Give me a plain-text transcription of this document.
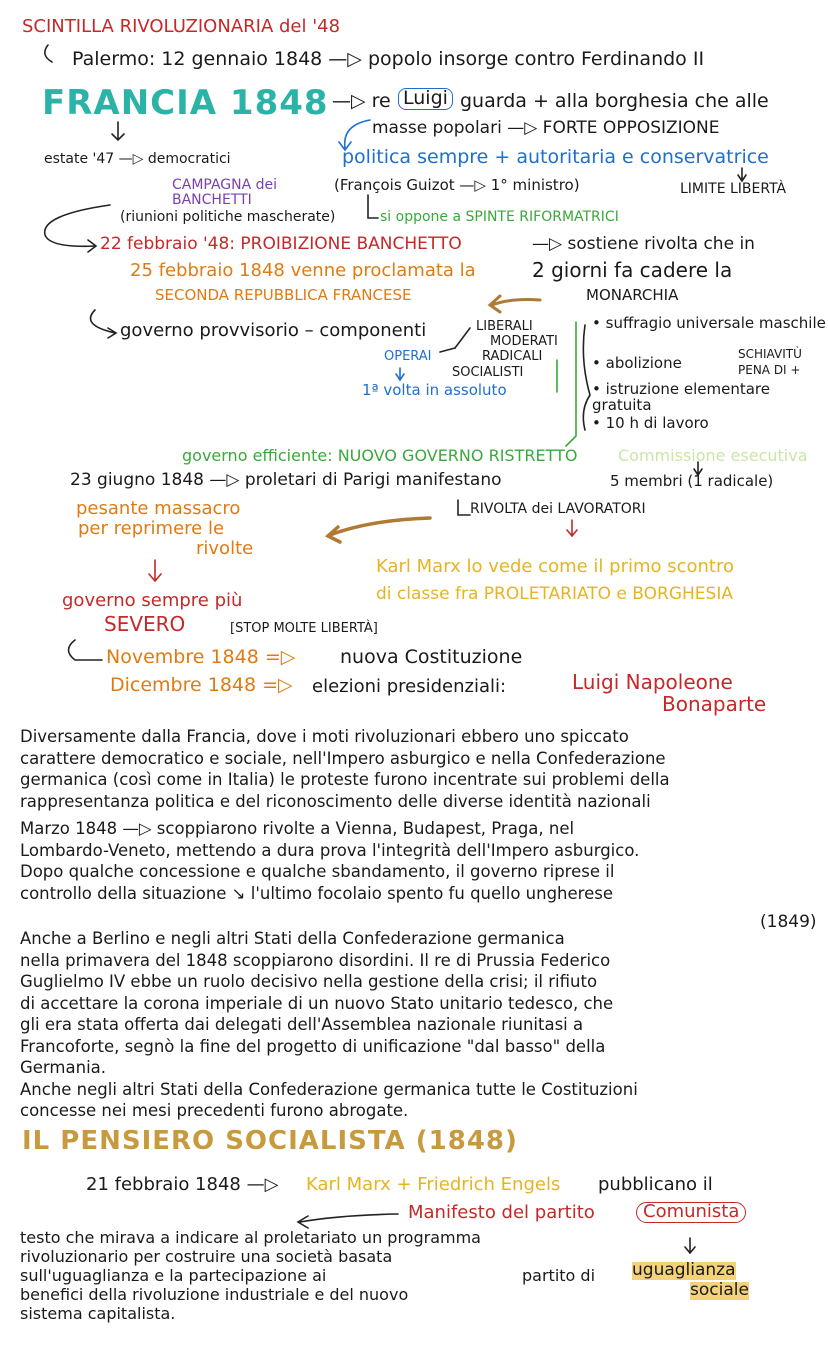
SCINTILLA RIVOLUZIONARIA del '48
Palermo: 12 gennaio 1848 —▷ popolo insorge contro Ferdinando II
FRANCIA 1848 —▷ re Luigi guarda + alla borghesia che alle
masse popolari —▷ FORTE OPPOSIZIONE
estate '47 —▷ democratici	politica sempre + autoritaria e conservatrice
(François Guizot —▷ 1° ministro)	LIMITE LIBERTÀ
CAMPAGNA dei BANCHETTI
(riunioni politiche mascherate)	si oppone a SPINTE RIFORMATRICI
22 febbraio '48: PROIBIZIONE BANCHETTO	—▷ sostiene rivolta che in
25 febbraio 1848 venne proclamata la	2 giorni fa cadere la
SECONDA REPUBBLICA FRANCESE	MONARCHIA
governo provvisorio – componenti	LIBERALI
MODERATI
RADICALI
SOCIALISTI
OPERAI
1ª volta in assoluto
• suffragio universale maschile
• abolizione	SCHIAVITÙ
PENA DI +
• istruzione elementare gratuita
• 10 h di lavoro
governo efficiente: NUOVO GOVERNO RISTRETTO	Commissione esecutiva
5 membri (1 radicale)
23 giugno 1848 —▷ proletari di Parigi manifestano
RIVOLTA dei LAVORATORI
pesante massacro
per reprimere le
rivolte
Karl Marx lo vede come il primo scontro
di classe fra PROLETARIATO e BORGHESIA
governo sempre più
SEVERO	[STOP MOLTE LIBERTÀ]
Novembre 1848 =▷ nuova Costituzione
Dicembre 1848 =▷ elezioni presidenziali:	Luigi Napoleone
Bonaparte
Diversamente dalla Francia, dove i moti rivoluzionari ebbero uno spiccato
carattere democratico e sociale, nell'Impero asburgico e nella Confederazione
germanica (così come in Italia) le proteste furono incentrate sui problemi della
rappresentanza politica e del riconoscimento delle diverse identità nazionali
Marzo 1848 —▷ scoppiarono rivolte a Vienna, Budapest, Praga, nel
Lombardo-Veneto, mettendo a dura prova l'integrità dell'Impero asburgico.
Dopo qualche concessione e qualche sbandamento, il governo riprese il
controllo della situazione ↘ l'ultimo focolaio spento fu quello ungherese
(1849)
Anche a Berlino e negli altri Stati della Confederazione germanica
nella primavera del 1848 scoppiarono disordini. Il re di Prussia Federico
Guglielmo IV ebbe un ruolo decisivo nella gestione della crisi; il rifiuto
di accettare la corona imperiale di un nuovo Stato unitario tedesco, che
gli era stata offerta dai delegati dell'Assemblea nazionale riunitasi a
Francoforte, segnò la fine del progetto di unificazione "dal basso" della
Germania.
Anche negli altri Stati della Confederazione germanica tutte le Costituzioni
concesse nei mesi precedenti furono abrogate.
IL PENSIERO SOCIALISTA (1848)
21 febbraio 1848 —▷ Karl Marx + Friedrich Engels pubblicano il
Manifesto del partito	Comunista
testo che mirava a indicare al proletariato un programma
rivoluzionario per costruire una società basata
sull'uguaglianza e la partecipazione ai
benefici della rivoluzione industriale e del nuovo
sistema capitalista.
partito di uguaglianza
sociale
